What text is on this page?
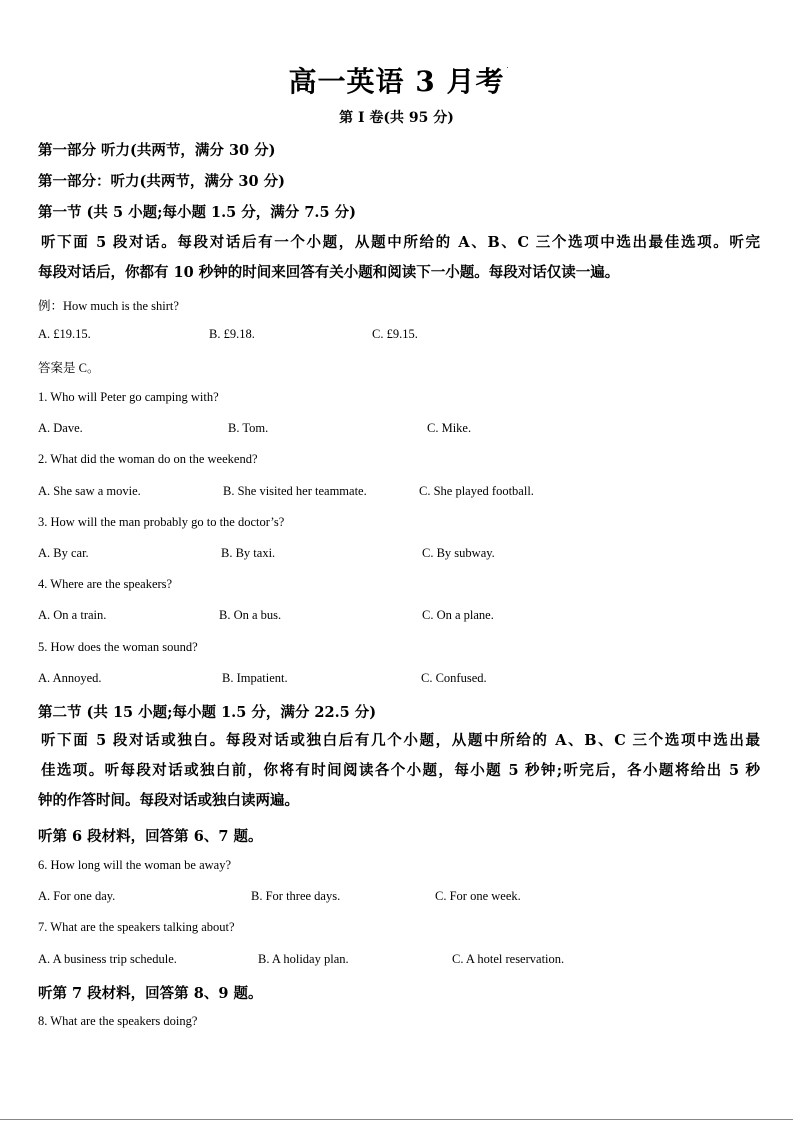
高一英语 3 月考
第 I 卷(共 95 分)
第一部分 听力(共两节，满分 30 分)
第一部分：听力(共两节，满分 30 分)
第一节 (共 5 小题;每小题 1.5 分，满分 7.5 分)
听下面 5 段对话。每段对话后有一个小题，从题中所给的 A、B、C 三个选项中选出最佳选项。听完
每段对话后，你都有 10 秒钟的时间来回答有关小题和阅读下一小题。每段对话仅读一遍。
例：How much is the shirt?
A. £19.15.	B. £9.18.	C. £9.15.
答案是 C。
1. Who will Peter go camping with?
A. Dave.	B. Tom.	C. Mike.
2. What did the woman do on the weekend?
A. She saw a movie.	B. She visited her teammate.	C. She played football.
3. How will the man probably go to the doctor’s?
A. By car.	B. By taxi.	C. By subway.
4. Where are the speakers?
A. On a train.	B. On a bus.	C. On a plane.
5. How does the woman sound?
A. Annoyed.	B. Impatient.	C. Confused.
第二节 (共 15 小题;每小题 1.5 分，满分 22.5 分)
听下面 5 段对话或独白。每段对话或独白后有几个小题，从题中所给的 A、B、C 三个选项中选出最
佳选项。听每段对话或独白前，你将有时间阅读各个小题，每小题 5 秒钟;听完后，各小题将给出 5 秒
钟的作答时间。每段对话或独白读两遍。
听第 6 段材料，回答第 6、7 题。
6. How long will the woman be away?
A. For one day.	B. For three days.	C. For one week.
7. What are the speakers talking about?
A. A business trip schedule.	B. A holiday plan.	C. A hotel reservation.
听第 7 段材料，回答第 8、9 题。
8. What are the speakers doing?
